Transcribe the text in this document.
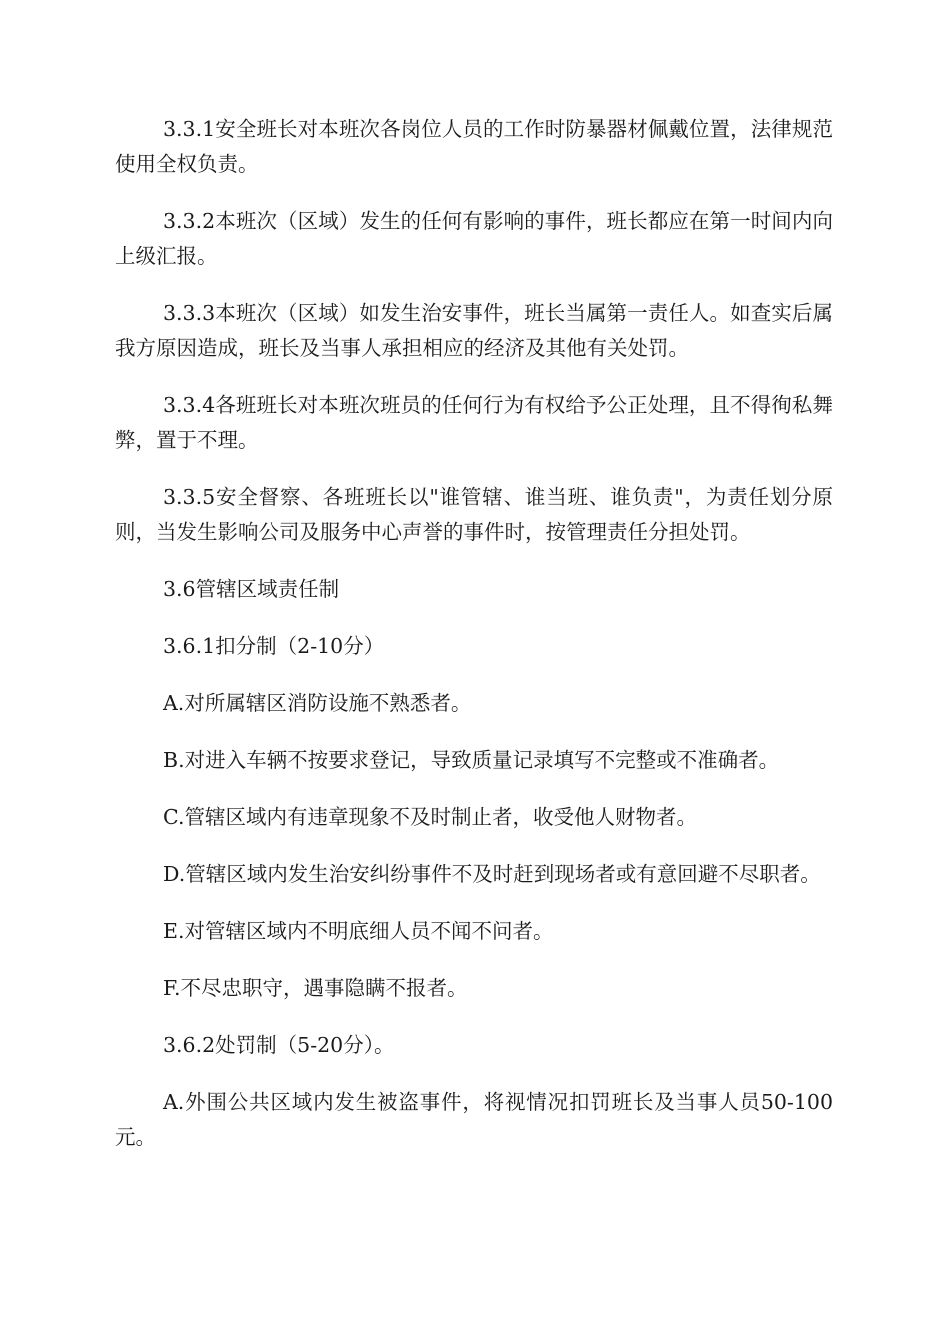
3.3.1安全班长对本班次各岗位人员的工作时防暴器材佩戴位置，法律规范使用全权负责。

3.3.2本班次（区域）发生的任何有影响的事件，班长都应在第一时间内向上级汇报。

3.3.3本班次（区域）如发生治安事件，班长当属第一责任人。如查实后属我方原因造成，班长及当事人承担相应的经济及其他有关处罚。

3.3.4各班班长对本班次班员的任何行为有权给予公正处理，且不得徇私舞弊，置于不理。

3.3.5安全督察、各班班长以"谁管辖、谁当班、谁负责"，为责任划分原则，当发生影响公司及服务中心声誉的事件时，按管理责任分担处罚。

3.6管辖区域责任制

3.6.1扣分制（2-10分）

A.对所属辖区消防设施不熟悉者。

B.对进入车辆不按要求登记，导致质量记录填写不完整或不准确者。

C.管辖区域内有违章现象不及时制止者，收受他人财物者。

D.管辖区域内发生治安纠纷事件不及时赶到现场者或有意回避不尽职者。

E.对管辖区域内不明底细人员不闻不问者。

F.不尽忠职守，遇事隐瞒不报者。

3.6.2处罚制（5-20分）。

A.外围公共区域内发生被盗事件，将视情况扣罚班长及当事人员50-100元。
